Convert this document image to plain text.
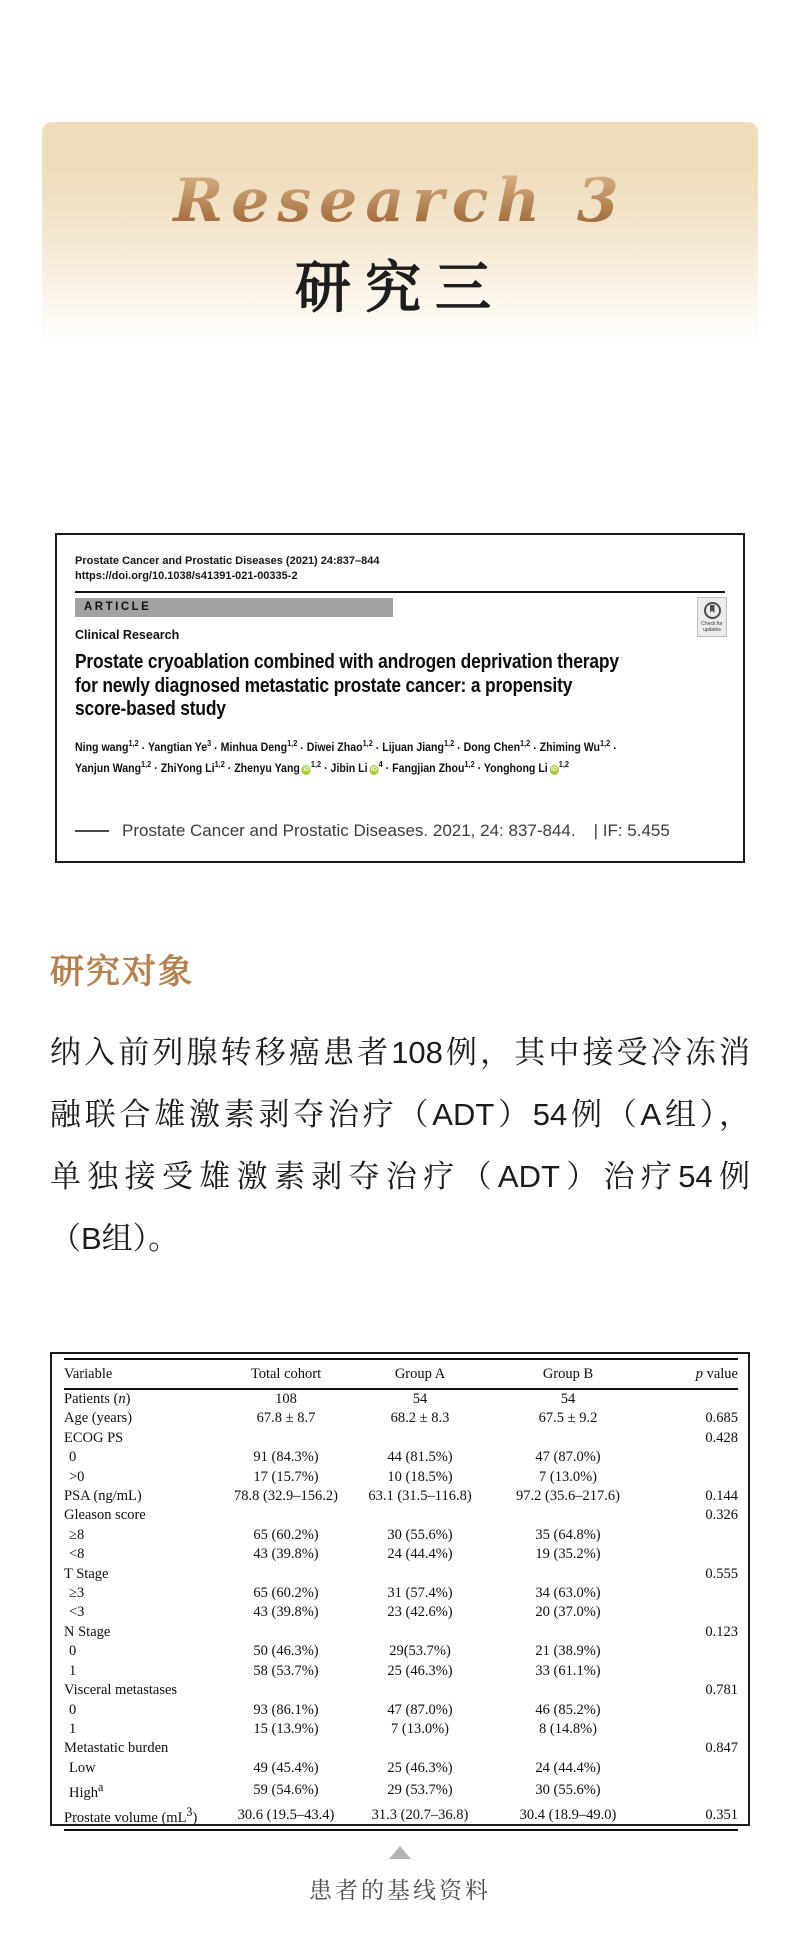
Research 3
研究三
Prostate Cancer and Prostatic Diseases (2021) 24:837–844
https://doi.org/10.1038/s41391-021-00335-2
ARTICLE
Check for
updates
Clinical Research
Prostate cryoablation combined with androgen deprivation therapy
for newly diagnosed metastatic prostate cancer: a propensity
score-based study
Ning wang$^{1,2}$ · Yangtian $Ye^3$ · Minhua Deng$^{1,2}$ · Diwei Zhao$^{1,2}$ · Lijuan Jiang$^{1,2}$ · Dong Chen$^{1,2}$ · Zhiming Wu$^{1,2}$ ·
Yanjun Wang$^{1,2}$ · ZhiYong Li$^{1,2}$ · Zhenyu Yang iD$^{1,2}$ · Jibin Li $iD^4$ · Fangjian Zhou$^{1,2}$ · Yonghong Li iD$^{1,2}$
Prostate Cancer and Prostatic Diseases. 2021, 24: 837-844. | IF: 5.455
研究对象
纳入前列腺转移癌患者108例，其中接受冷冻消
融联合雄激素剥夺治疗（ADT）54例（A组），
单独接受雄激素剥夺治疗（ADT）治疗54例
（B组）。
Variable	Total cohort	Group A	Group B	p value
Patients (n)	108	54	54	
Age (years)	67.8 ± 8.7	68.2 ± 8.3	67.5 ± 9.2	0.685
ECOG PS				0.428
0	91 (84.3%)	44 (81.5%)	47 (87.0%)	
>0	17 (15.7%)	10 (18.5%)	7 (13.0%)	
PSA (ng/mL)	78.8 (32.9–156.2)	63.1 (31.5–116.8)	97.2 (35.6–217.6)	0.144
Gleason score				0.326
≥8	65 (60.2%)	30 (55.6%)	35 (64.8%)	
<8	43 (39.8%)	24 (44.4%)	19 (35.2%)	
T Stage				0.555
≥3	65 (60.2%)	31 (57.4%)	34 (63.0%)	
<3	43 (39.8%)	23 (42.6%)	20 (37.0%)	
N Stage				0.123
0	50 (46.3%)	29(53.7%)	21 (38.9%)	
1	58 (53.7%)	25 (46.3%)	33 (61.1%)	
Visceral metastases				0.781
0	93 (86.1%)	47 (87.0%)	46 (85.2%)	
1	15 (13.9%)	7 (13.0%)	8 (14.8%)	
Metastatic burden				0.847
Low	49 (45.4%)	25 (46.3%)	24 (44.4%)	
High$^a$	59 (54.6%)	29 (53.7%)	30 (55.6%)	
Prostate volume $(mL^3)$	30.6 (19.5–43.4)	31.3 (20.7–36.8)	30.4 (18.9–49.0)	0.351
患者的基线资料
